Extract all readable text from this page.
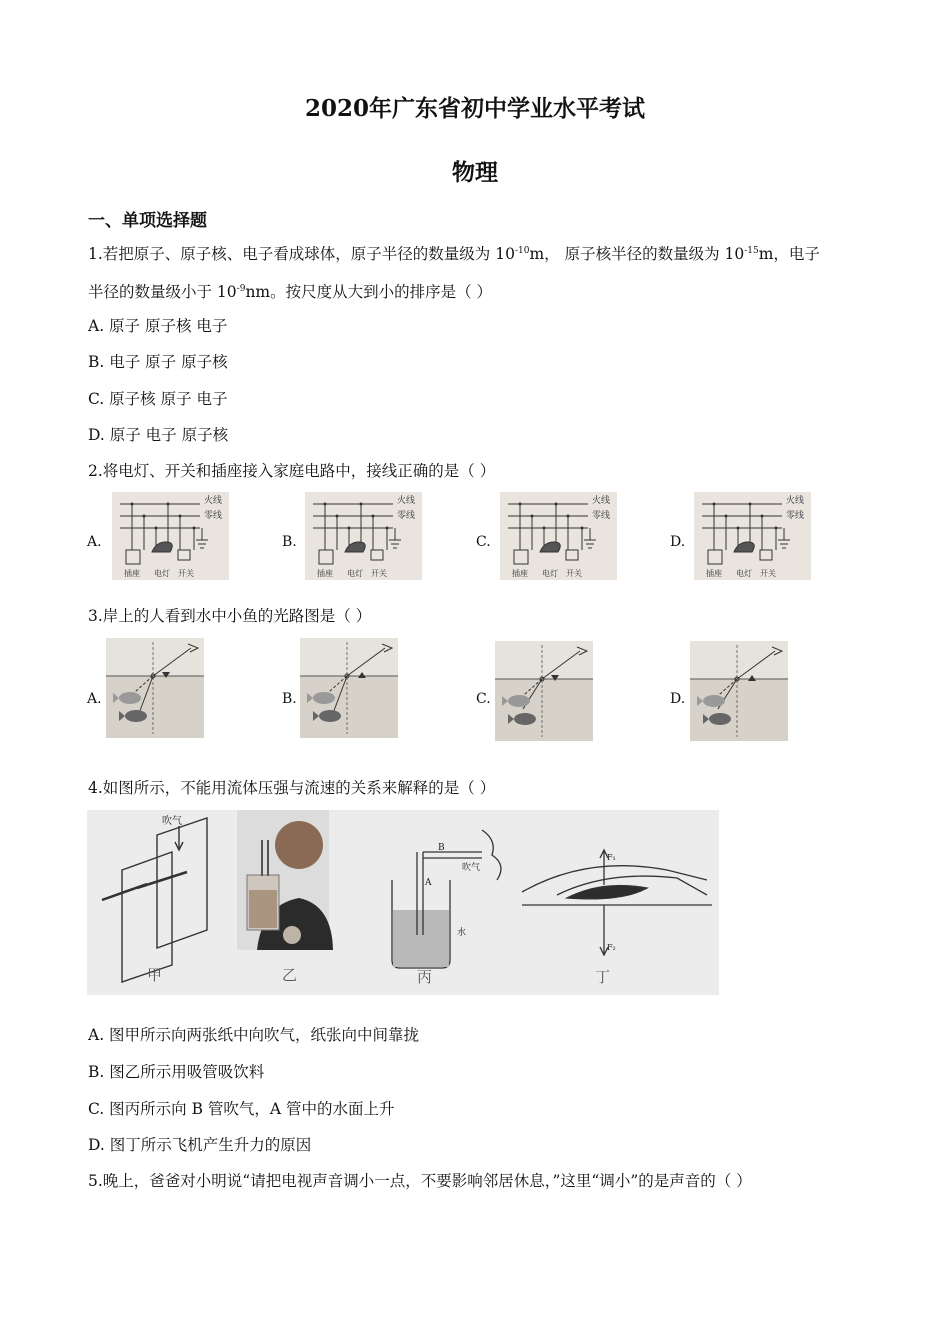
2020年广东省初中学业水平考试
物理
一、单项选择题
1.若把原子、原子核、电子看成球体，原子半径的数量级为 $10^{-10}m$， 原子核半径的数量级为 $10^{-15}m$，电子
半径的数量级小于 $10^{-9}nm$。按尺度从大到小的排序是（ ）
A. 原子 原子核 电子
B. 电子 原子 原子核
C. 原子核 原子 电子
D. 原子 电子 原子核
2.将电灯、开关和插座接入家庭电路中，接线正确的是（ ）
A.	B.	C.	D.
火线
零线
插座 电灯 开关
火线
零线
插座 电灯 开关
火线
零线
插座 电灯 开关
火线
零线
插座 电灯 开关
3.岸上的人看到水中小鱼的光路图是（ ）
A.	B.	C.	D.
4.如图所示，不能用流体压强与流速的关系来解释的是（ ）
吹气
B
A
吹气
水
F₁
F₂
甲	乙	丙	丁
A. 图甲所示向两张纸中向吹气，纸张向中间靠拢
B. 图乙所示用吸管吸饮料
C. 图丙所示向 B 管吹气，A 管中的水面上升
D. 图丁所示飞机产生升力的原因
5.晚上，爸爸对小明说“请把电视声音调小一点，不要影响邻居休息，”这里“调小”的是声音的（ ）
